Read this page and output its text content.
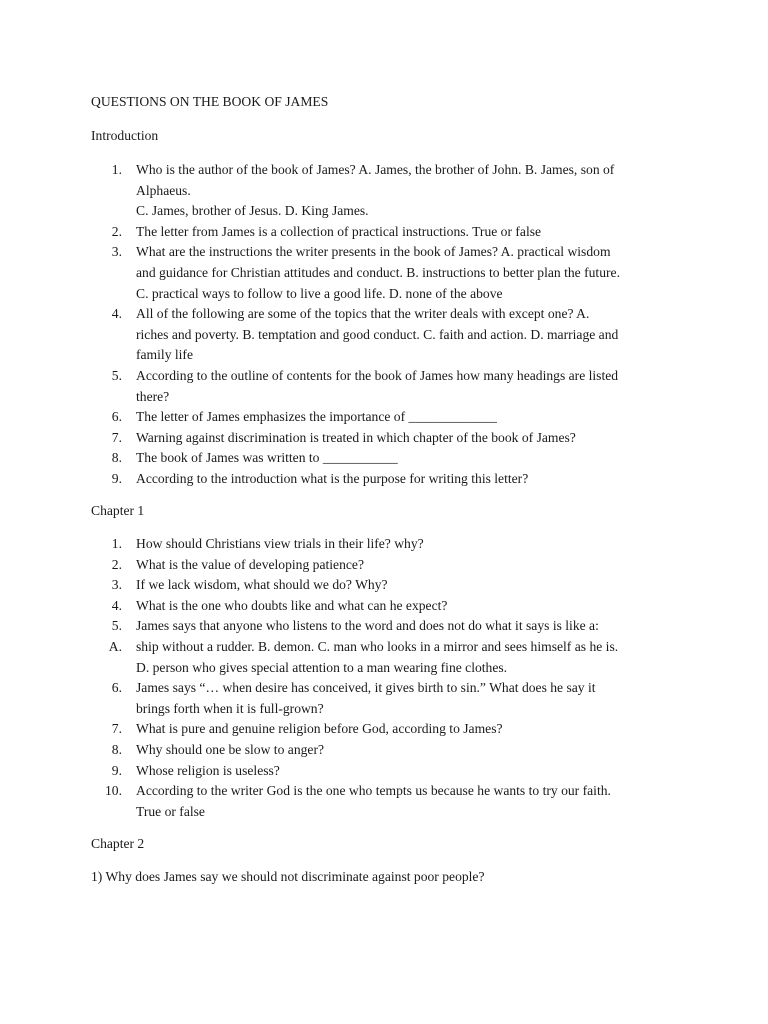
QUESTIONS ON THE BOOK OF JAMES
Introduction
1. Who is the author of the book of James? A. James, the brother of John. B. James, son of
Alphaeus.
C. James, brother of Jesus. D. King James.
2. The letter from James is a collection of practical instructions. True or false
3. What are the instructions the writer presents in the book of James? A. practical wisdom
and guidance for Christian attitudes and conduct. B. instructions to better plan the future.
C. practical ways to follow to live a good life. D. none of the above
4. All of the following are some of the topics that the writer deals with except one? A.
riches and poverty. B. temptation and good conduct. C. faith and action. D. marriage and
family life
5. According to the outline of contents for the book of James how many headings are listed
there?
6. The letter of James emphasizes the importance of _____________
7. Warning against discrimination is treated in which chapter of the book of James?
8. The book of James was written to ___________
9. According to the introduction what is the purpose for writing this letter?
Chapter 1
1. How should Christians view trials in their life? why?
2. What is the value of developing patience?
3. If we lack wisdom, what should we do? Why?
4. What is the one who doubts like and what can he expect?
5. James says that anyone who listens to the word and does not do what it says is like a:
A. ship without a rudder. B. demon. C. man who looks in a mirror and sees himself as he is.
D. person who gives special attention to a man wearing fine clothes.
6. James says “… when desire has conceived, it gives birth to sin.” What does he say it
brings forth when it is full-grown?
7. What is pure and genuine religion before God, according to James?
8. Why should one be slow to anger?
9. Whose religion is useless?
10. According to the writer God is the one who tempts us because he wants to try our faith.
True or false
Chapter 2
1) Why does James say we should not discriminate against poor people?
